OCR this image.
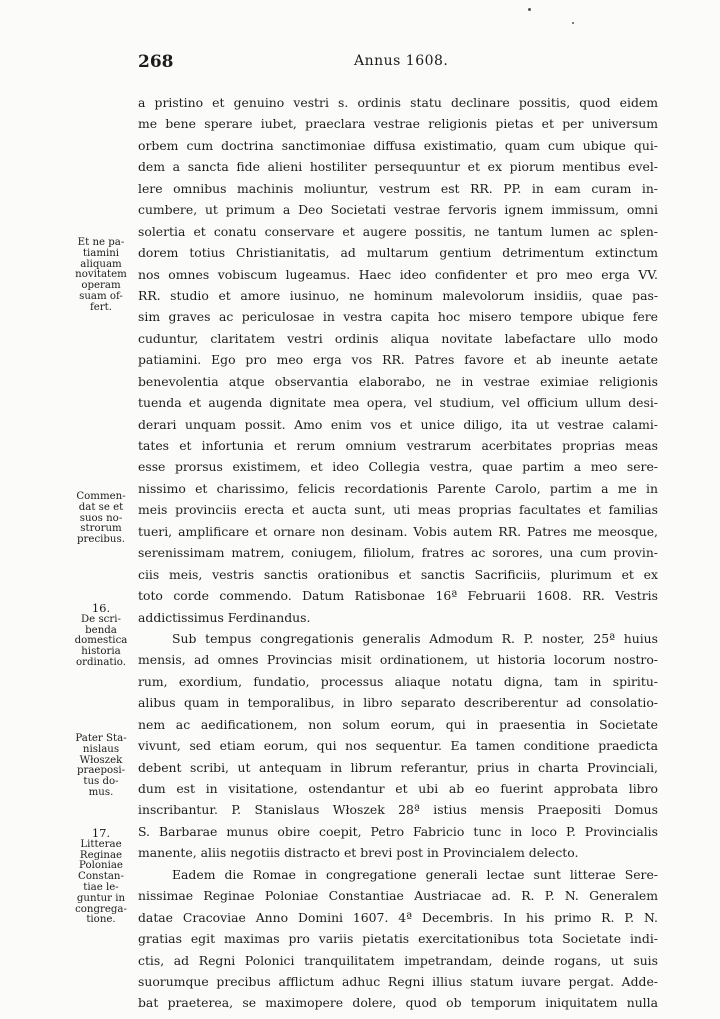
268	Annus 1608.
a pristino et genuino vestri s. ordinis statu declinare possitis, quod eidem
me bene sperare iubet, praeclara vestrae religionis pietas et per universum
orbem cum doctrina sanctimoniae diffusa existimatio, quam cum ubique qui-
dem a sancta fide alieni hostiliter persequuntur et ex piorum mentibus evel-
lere omnibus machinis moliuntur, vestrum est RR. PP. in eam curam in-
cumbere, ut primum a Deo Societati vestrae fervoris ignem immissum, omni
solertia et conatu conservare et augere possitis, ne tantum lumen ac splen-
dorem totius Christianitatis, ad multarum gentium detrimentum extinctum
nos omnes vobiscum lugeamus. Haec ideo confidenter et pro meo erga VV.
RR. studio et amore iusinuo, ne hominum malevolorum insidiis, quae pas-
sim graves ac periculosae in vestra capita hoc misero tempore ubique fere
cuduntur, claritatem vestri ordinis aliqua novitate labefactare ullo modo
patiamini. Ego pro meo erga vos RR. Patres favore et ab ineunte aetate
benevolentia atque observantia elaborabo, ne in vestrae eximiae religionis
tuenda et augenda dignitate mea opera, vel studium, vel officium ullum desi-
derari unquam possit. Amo enim vos et unice diligo, ita ut vestrae calami-
tates et infortunia et rerum omnium vestrarum acerbitates proprias meas
esse prorsus existimem, et ideo Collegia vestra, quae partim a meo sere-
nissimo et charissimo, felicis recordationis Parente Carolo, partim a me in
meis provinciis erecta et aucta sunt, uti meas proprias facultates et familias
tueri, amplificare et ornare non desinam. Vobis autem RR. Patres me meosque,
serenissimam matrem, coniugem, filiolum, fratres ac sorores, una cum provin-
ciis meis, vestris sanctis orationibus et sanctis Sacrificiis, plurimum et ex
toto corde commendo. Datum Ratisbonae 16ª Februarii 1608. RR. Vestris
addictissimus Ferdinandus.
Sub tempus congregationis generalis Admodum R. P. noster, 25ª huius
mensis, ad omnes Provincias misit ordinationem, ut historia locorum nostro-
rum, exordium, fundatio, processus aliaque notatu digna, tam in spiritu-
alibus quam in temporalibus, in libro separato describerentur ad consolatio-
nem ac aedificationem, non solum eorum, qui in praesentia in Societate
vivunt, sed etiam eorum, qui nos sequentur. Ea tamen conditione praedicta
debent scribi, ut antequam in librum referantur, prius in charta Provinciali,
dum est in visitatione, ostendantur et ubi ab eo fuerint approbata libro
inscribantur. P. Stanislaus Włoszek 28ª istius mensis Praepositi Domus
S. Barbarae munus obire coepit, Petro Fabricio tunc in loco P. Provincialis
manente, aliis negotiis distracto et brevi post in Provincialem delecto.
Eadem die Romae in congregatione generali lectae sunt litterae Sere-
nissimae Reginae Poloniae Constantiae Austriacae ad. R. P. N. Generalem
datae Cracoviae Anno Domini 1607. 4ª Decembris. In his primo R. P. N.
gratias egit maximas pro variis pietatis exercitationibus tota Societate indi-
ctis, ad Regni Polonici tranquilitatem impetrandam, deinde rogans, ut suis
suorumque precibus afflictum adhuc Regni illius statum iuvare pergat. Adde-
bat praeterea, se maximopere dolere, quod ob temporum iniquitatem nulla
Et ne pa-
tiamini
aliquam
novitatem
operam
suam of-
fert.
Commen-
dat se et
suos no-
strorum
precibus.
16.
De scri-
benda
domestica
historia
ordinatio.
Pater Sta-
nislaus
Włoszek
praeposi-
tus do-
mus.
17.
Litterae
Reginae
Poloniae
Constan-
tiae le-
guntur in
congrega-
tione.
